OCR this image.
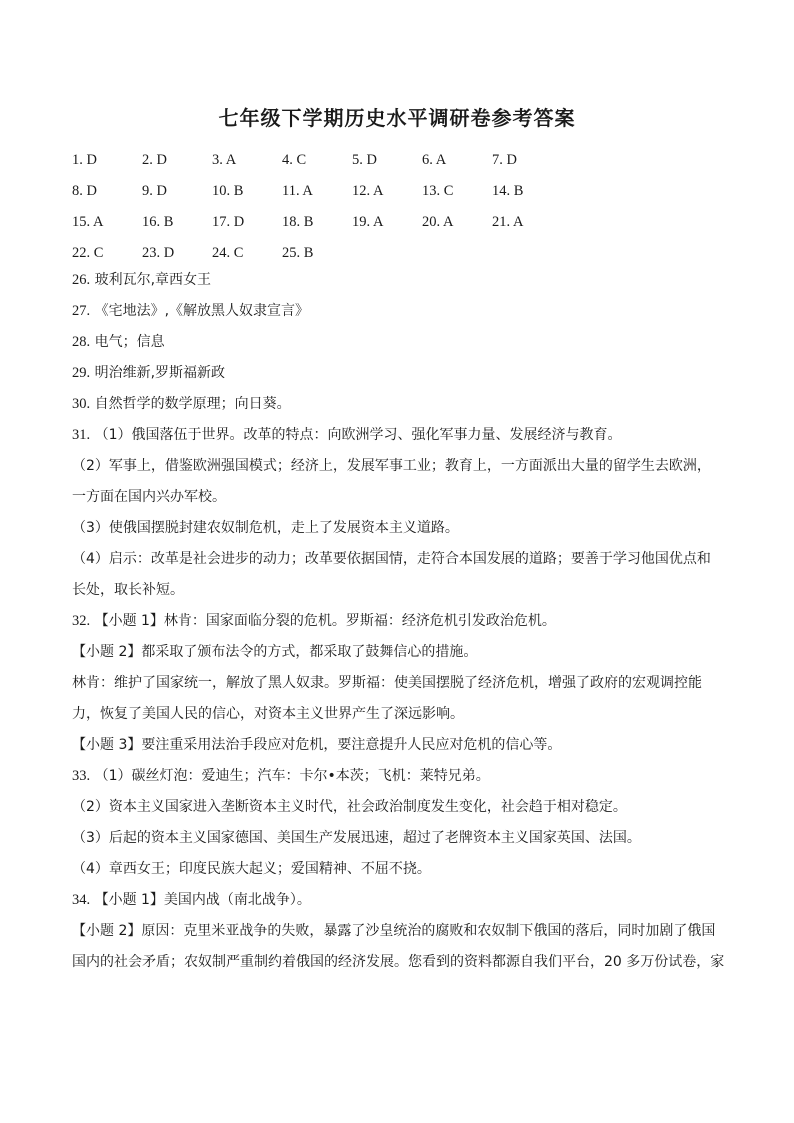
七年级下学期历史水平调研卷参考答案
1. D	2. D	3. A	4. C	5. D	6. A	7. D
8. D	9. D	10. B	11. A	12. A	13. C	14. B
15. A	16. B	17. D	18. B	19. A	20. A	21. A
22. C	23. D	24. C	25. B
26. 玻利瓦尔,章西女王
27. 《宅地法》,《解放黑人奴隶宣言》
28. 电气；信息
29. 明治维新,罗斯福新政
30. 自然哲学的数学原理；向日葵。
31. （1）俄国落伍于世界。改革的特点：向欧洲学习、强化军事力量、发展经济与教育。
（2）军事上，借鉴欧洲强国模式；经济上，发展军事工业；教育上，一方面派出大量的留学生去欧洲，
一方面在国内兴办军校。
（3）使俄国摆脱封建农奴制危机，走上了发展资本主义道路。
（4）启示：改革是社会进步的动力；改革要依据国情，走符合本国发展的道路；要善于学习他国优点和
长处，取长补短。
32. 【小题 1】林肯：国家面临分裂的危机。罗斯福：经济危机引发政治危机。
【小题 2】都采取了颁布法令的方式，都采取了鼓舞信心的措施。
林肯：维护了国家统一，解放了黑人奴隶。罗斯福：使美国摆脱了经济危机，增强了政府的宏观调控能
力，恢复了美国人民的信心，对资本主义世界产生了深远影响。
【小题 3】要注重采用法治手段应对危机，要注意提升人民应对危机的信心等。
33. （1）碳丝灯泡：爱迪生；汽车：卡尔•本茨；飞机：莱特兄弟。
（2）资本主义国家进入垄断资本主义时代，社会政治制度发生变化，社会趋于相对稳定。
（3）后起的资本主义国家德国、美国生产发展迅速，超过了老牌资本主义国家英国、法国。
（4）章西女王；印度民族大起义；爱国精神、不屈不挠。
34. 【小题 1】美国内战（南北战争）。
【小题 2】原因：克里米亚战争的失败，暴露了沙皇统治的腐败和农奴制下俄国的落后，同时加剧了俄国
国内的社会矛盾；农奴制严重制约着俄国的经济发展。您看到的资料都源自我们平台，20 多万份试卷，家
